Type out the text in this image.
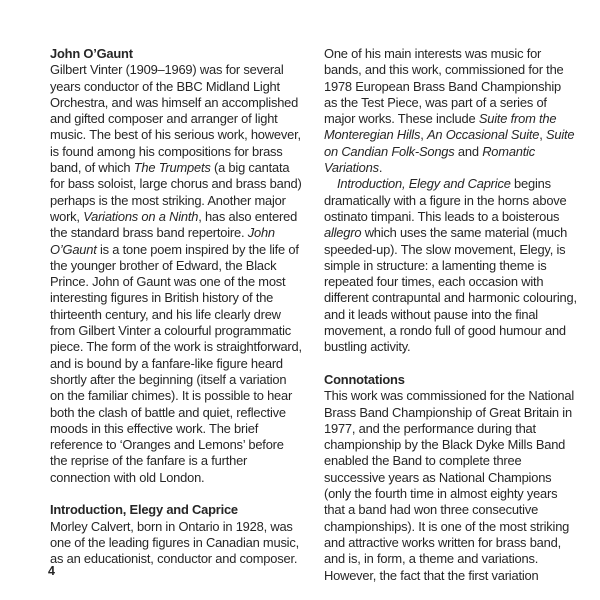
John O’Gaunt

Gilbert Vinter (1909–1969) was for several years conductor of the BBC Midland Light Orchestra, and was himself an accomplished and gifted composer and arranger of light music. The best of his serious work, however, is found among his compositions for brass band, of which The Trumpets (a big cantata for bass soloist, large chorus and brass band) perhaps is the most striking. Another major work, Variations on a Ninth, has also entered the standard brass band repertoire. John O’Gaunt is a tone poem inspired by the life of the younger brother of Edward, the Black Prince. John of Gaunt was one of the most interesting figures in British history of the thirteenth century, and his life clearly drew from Gilbert Vinter a colourful programmatic piece. The form of the work is straightforward, and is bound by a fanfare-like figure heard shortly after the beginning (itself a variation on the familiar chimes). It is possible to hear both the clash of battle and quiet, reflective moods in this effective work. The brief reference to ‘Oranges and Lemons’ before the reprise of the fanfare is a further connection with old London.

Introduction, Elegy and Caprice

Morley Calvert, born in Ontario in 1928, was one of the leading figures in Canadian music, as an educationist, conductor and composer.

One of his main interests was music for bands, and this work, commissioned for the 1978 European Brass Band Championship as the Test Piece, was part of a series of major works. These include Suite from the Monteregian Hills, An Occasional Suite, Suite on Candian Folk-Songs and Romantic Variations.

Introduction, Elegy and Caprice begins dramatically with a figure in the horns above ostinato timpani. This leads to a boisterous allegro which uses the same material (much speeded-up). The slow movement, Elegy, is simple in structure: a lamenting theme is repeated four times, each occasion with different contrapuntal and harmonic colouring, and it leads without pause into the final movement, a rondo full of good humour and bustling activity.

Connotations

This work was commissioned for the National Brass Band Championship of Great Britain in 1977, and the performance during that championship by the Black Dyke Mills Band enabled the Band to complete three successive years as National Champions (only the fourth time in almost eighty years that a band had won three consecutive championships). It is one of the most striking and attractive works written for brass band, and is, in form, a theme and variations. However, the fact that the first variation

4
